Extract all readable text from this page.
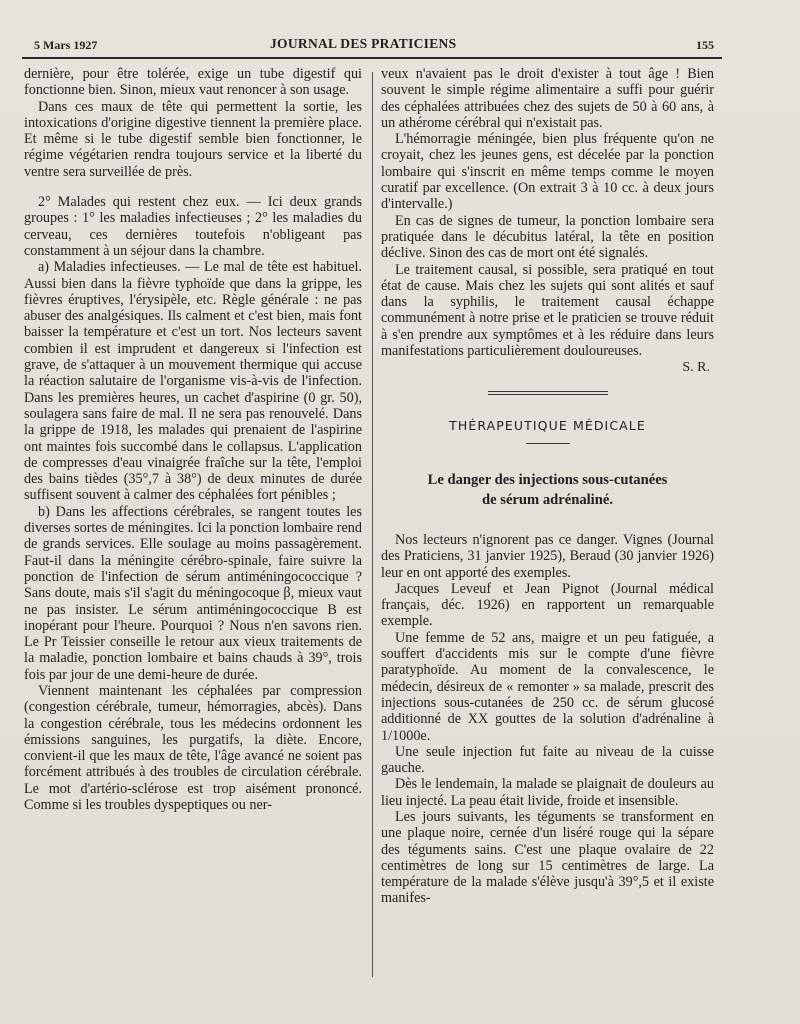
5 Mars 1927	JOURNAL DES PRATICIENS	155

dernière, pour être tolérée, exige un tube digestif qui fonctionne bien. Sinon, mieux vaut renoncer à son usage.

Dans ces maux de tête qui permettent la sortie, les intoxications d'origine digestive tiennent la première place. Et même si le tube digestif semble bien fonctionner, le régime végétarien rendra toujours service et la liberté du ventre sera surveillée de près.

2° Malades qui restent chez eux. — Ici deux grands groupes : 1° les maladies infectieuses ; 2° les maladies du cerveau, ces dernières toutefois n'obligeant pas constamment à un séjour dans la chambre.

a) Maladies infectieuses. — Le mal de tête est habituel. Aussi bien dans la fièvre typhoïde que dans la grippe, les fièvres éruptives, l'érysipèle, etc. Règle générale : ne pas abuser des analgésiques. Ils calment et c'est bien, mais font baisser la température et c'est un tort. Nos lecteurs savent combien il est imprudent et dangereux si l'infection est grave, de s'attaquer à un mouvement thermique qui accuse la réaction salutaire de l'organisme vis-à-vis de l'infection. Dans les premières heures, un cachet d'aspirine (0 gr. 50), soulagera sans faire de mal. Il ne sera pas renouvelé. Dans la grippe de 1918, les malades qui prenaient de l'aspirine ont maintes fois succombé dans le collapsus. L'application de compresses d'eau vinaigrée fraîche sur la tête, l'emploi des bains tièdes (35°,7 à 38°) de deux minutes de durée suffisent souvent à calmer des céphalées fort pénibles ;

b) Dans les affections cérébrales, se rangent toutes les diverses sortes de méningites. Ici la ponction lombaire rend de grands services. Elle soulage au moins passagèrement. Faut-il dans la méningite cérébro-spinale, faire suivre la ponction de l'infection de sérum antiméningococcique ? Sans doute, mais s'il s'agit du méningocoque β, mieux vaut ne pas insister. Le sérum antiméningococcique B est inopérant pour l'heure. Pourquoi ? Nous n'en savons rien. Le Pr Teissier conseille le retour aux vieux traitements de la maladie, ponction lombaire et bains chauds à 39°, trois fois par jour de une demi-heure de durée.

Viennent maintenant les céphalées par compression (congestion cérébrale, tumeur, hémorragies, abcès). Dans la congestion cérébrale, tous les médecins ordonnent les émissions sanguines, les purgatifs, la diète. Encore, convient-il que les maux de tête, l'âge avancé ne soient pas forcément attribués à des troubles de circulation cérébrale. Le mot d'artério-sclérose est trop aisément prononcé. Comme si les troubles dyspeptiques ou ner-

veux n'avaient pas le droit d'exister à tout âge ! Bien souvent le simple régime alimentaire a suffi pour guérir des céphalées attribuées chez des sujets de 50 à 60 ans, à un athérome cérébral qui n'existait pas.

L'hémorragie méningée, bien plus fréquente qu'on ne croyait, chez les jeunes gens, est décelée par la ponction lombaire qui s'inscrit en même temps comme le moyen curatif par excellence. (On extrait 3 à 10 cc. à deux jours d'intervalle.)

En cas de signes de tumeur, la ponction lombaire sera pratiquée dans le décubitus latéral, la tête en position déclive. Sinon des cas de mort ont été signalés.

Le traitement causal, si possible, sera pratiqué en tout état de cause. Mais chez les sujets qui sont alités et sauf dans la syphilis, le traitement causal échappe communément à notre prise et le praticien se trouve réduit à s'en prendre aux symptômes et à les réduire dans leurs manifestations particulièrement douloureuses.

S. R.
THÉRAPEUTIQUE MÉDICALE
Le danger des injections sous-cutanées
de sérum adrénaliné.

Nos lecteurs n'ignorent pas ce danger. Vignes (Journal des Praticiens, 31 janvier 1925), Beraud (30 janvier 1926) leur en ont apporté des exemples.

Jacques Leveuf et Jean Pignot (Journal médical français, déc. 1926) en rapportent un remarquable exemple.

Une femme de 52 ans, maigre et un peu fatiguée, a souffert d'accidents mis sur le compte d'une fièvre paratyphoïde. Au moment de la convalescence, le médecin, désireux de « remonter » sa malade, prescrit des injections sous-cutanées de 250 cc. de sérum glucosé additionné de XX gouttes de la solution d'adrénaline à 1/1000e.

Une seule injection fut faite au niveau de la cuisse gauche.

Dès le lendemain, la malade se plaignait de douleurs au lieu injecté. La peau était livide, froide et insensible.

Les jours suivants, les téguments se transforment en une plaque noire, cernée d'un liséré rouge qui la sépare des téguments sains. C'est une plaque ovalaire de 22 centimètres de long sur 15 centimètres de large. La température de la malade s'élève jusqu'à 39°,5 et il existe manifes-
